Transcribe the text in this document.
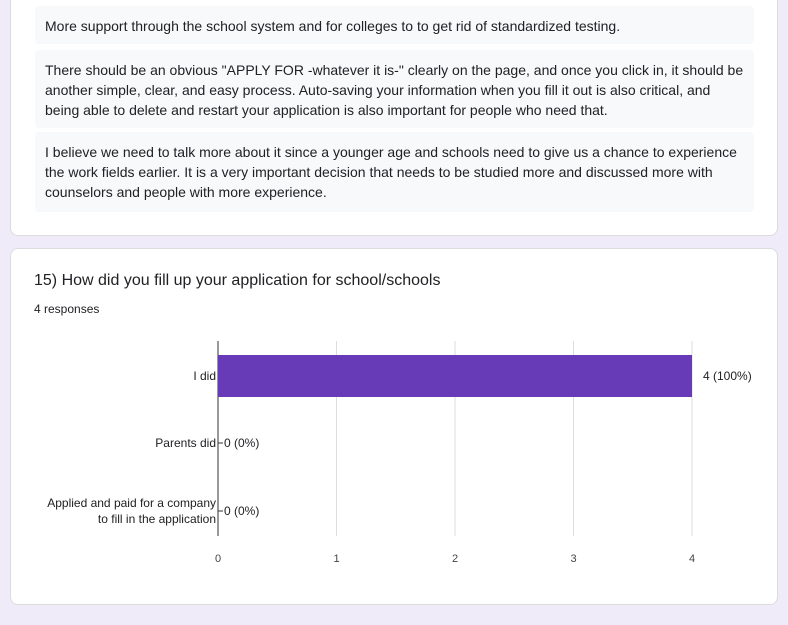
More support through the school system and for colleges to to get rid of standardized testing.
There should be an obvious "APPLY FOR -whatever it is-" clearly on the page, and once you click in, it should be another simple, clear, and easy process. Auto-saving your information when you fill it out is also critical, and being able to delete and restart your application is also important for people who need that.
I believe we need to talk more about it since a younger age and schools need to give us a chance to experience the work fields earlier. It is a very important decision that needs to be studied more and discussed more with counselors and people with more experience.
15) How did you fill up your application for school/schools
4 responses
0	1	2	3	4
I did	4 (100%)
Parents did 0 (0%)
Applied and paid for a company
to fill in the application
0 (0%)
